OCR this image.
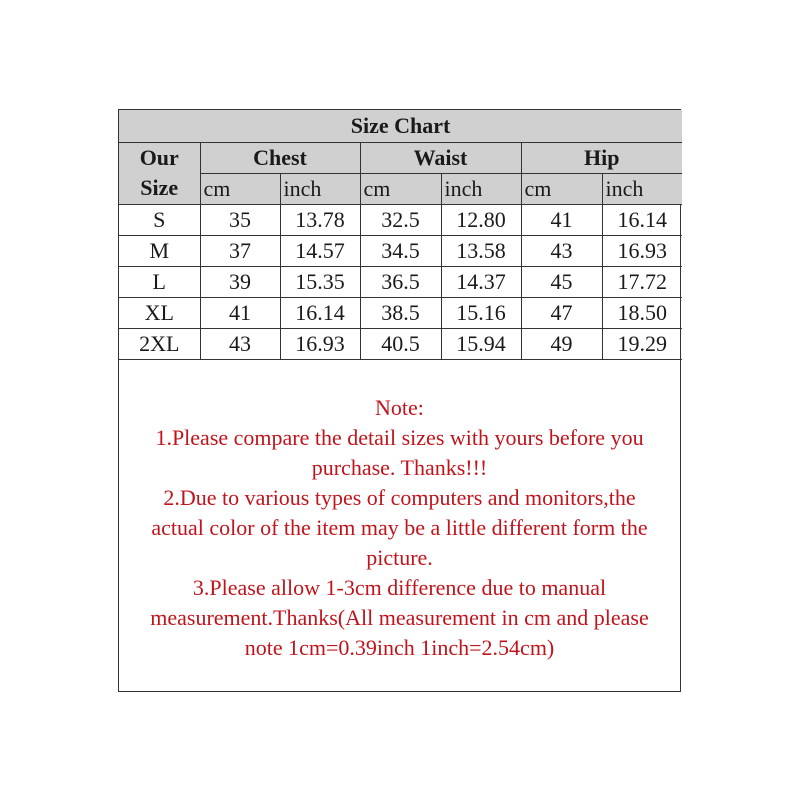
Size Chart						

Our
Size	Chest		Waist		Hip	
	cm	inch	cm	inch	cm	inch
S	35	13.78	32.5	12.80	41	16.14
M	37	14.57	34.5	13.58	43	16.93
L	39	15.35	36.5	14.37	45	17.72
XL	41	16.14	38.5	15.16	47	18.50
2XL	43	16.93	40.5	15.94	49	19.29
Note:
1.Please compare the detail sizes with yours before you
purchase. Thanks!!!
2.Due to various types of computers and monitors,the
actual color of the item may be a little different form the
picture.
3.Please allow 1-3cm difference due to manual
measurement.Thanks(All measurement in cm and please
note 1cm=0.39inch 1inch=2.54cm)
